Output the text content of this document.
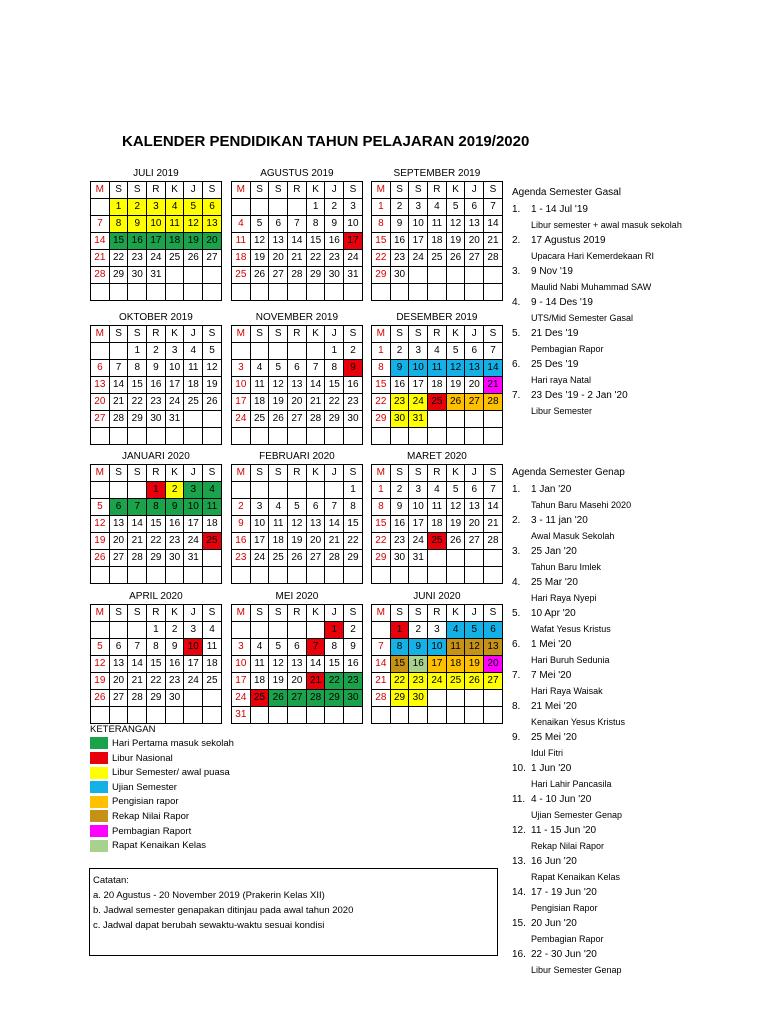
KALENDER PENDIDIKAN TAHUN PELAJARAN 2019/2020
JULI 2019
M	S	S	R	K	J	S
	1	2	3	4	5	6
7	8	9	10	11	12	13
14	15	16	17	18	19	20
21	22	23	24	25	26	27
28	29	30	31			

AGUSTUS 2019
M	S	S	R	K	J	S
				1	2	3
4	5	6	7	8	9	10
11	12	13	14	15	16	17
18	19	20	21	22	23	24
25	26	27	28	29	30	31

SEPTEMBER 2019
M	S	S	R	K	J	S
1	2	3	4	5	6	7
8	9	10	11	12	13	14
15	16	17	18	19	20	21
22	23	24	25	26	27	28
29	30					

OKTOBER 2019
M	S	S	R	K	J	S
		1	2	3	4	5
6	7	8	9	10	11	12
13	14	15	16	17	18	19
20	21	22	23	24	25	26
27	28	29	30	31		

NOVEMBER 2019
M	S	S	R	K	J	S
					1	2
3	4	5	6	7	8	9
10	11	12	13	14	15	16
17	18	19	20	21	22	23
24	25	26	27	28	29	30

DESEMBER 2019
M	S	S	R	K	J	S
1	2	3	4	5	6	7
8	9	10	11	12	13	14
15	16	17	18	19	20	21
22	23	24	25	26	27	28
29	30	31				

JANUARI 2020
M	S	S	R	K	J	S
			1	2	3	4
5	6	7	8	9	10	11
12	13	14	15	16	17	18
19	20	21	22	23	24	25
26	27	28	29	30	31	

FEBRUARI 2020
M	S	S	R	K	J	S
						1
2	3	4	5	6	7	8
9	10	11	12	13	14	15
16	17	18	19	20	21	22
23	24	25	26	27	28	29

MARET 2020
M	S	S	R	K	J	S
1	2	3	4	5	6	7
8	9	10	11	12	13	14
15	16	17	18	19	20	21
22	23	24	25	26	27	28
29	30	31				

APRIL 2020
M	S	S	R	K	J	S
			1	2	3	4
5	6	7	8	9	10	11
12	13	14	15	16	17	18
19	20	21	22	23	24	25
26	27	28	29	30		

MEI 2020
M	S	S	R	K	J	S
					1	2
3	4	5	6	7	8	9
10	11	12	13	14	15	16
17	18	19	20	21	22	23
24	25	26	27	28	29	30
31						
JUNI 2020
M	S	S	R	K	J	S
	1	2	3	4	5	6
7	8	9	10	11	12	13
14	15	16	17	18	19	20
21	22	23	24	25	26	27
28	29	30				

Agenda Semester Gasal
1. 1 - 14 Jul '19
Libur semester + awal masuk sekolah
2. 17 Agustus 2019
Upacara Hari Kemerdekaan RI
3. 9 Nov '19
Maulid Nabi Muhammad SAW
4. 9 - 14 Des '19
UTS/Mid Semester Gasal
5. 21 Des '19
Pembagian Rapor
6. 25 Des '19
Hari raya Natal
7. 23 Des '19 - 2 Jan '20
Libur Semester
Agenda Semester Genap
1. 1 Jan '20
Tahun Baru Masehi 2020
2. 3 - 11 jan '20
Awal Masuk Sekolah
3. 25 Jan '20
Tahun Baru Imlek
4. 25 Mar '20
Hari Raya Nyepi
5. 10 Apr '20
Wafat Yesus Kristus
6. 1 Mei '20
Hari Buruh Sedunia
7. 7 Mei '20
Hari Raya Waisak
8. 21 Mei '20
Kenaikan Yesus Kristus
9. 25 Mei '20
Idul Fitri
10. 1 Jun '20
Hari Lahir Pancasila
11. 4 - 10 Jun '20
Ujian Semester Genap
12. 11 - 15 Jun '20
Rekap Nilai Rapor
13. 16 Jun '20
Rapat Kenaikan Kelas
14. 17 - 19 Jun '20
Pengisian Rapor
15. 20 Jun '20
Pembagian Rapor
16. 22 - 30 Jun '20
Libur Semester Genap
KETERANGAN
Hari Pertama masuk sekolah
Libur Nasional
Libur Semester/ awal puasa
Ujian Semester
Pengisian rapor
Rekap Nilai Rapor
Pembagian Raport
Rapat Kenaikan Kelas
Catatan:
a. 20 Agustus - 20 November 2019 (Prakerin Kelas XII)
b. Jadwal semester genapakan ditinjau pada awal tahun 2020
c. Jadwal dapat berubah sewaktu-waktu sesuai kondisi
